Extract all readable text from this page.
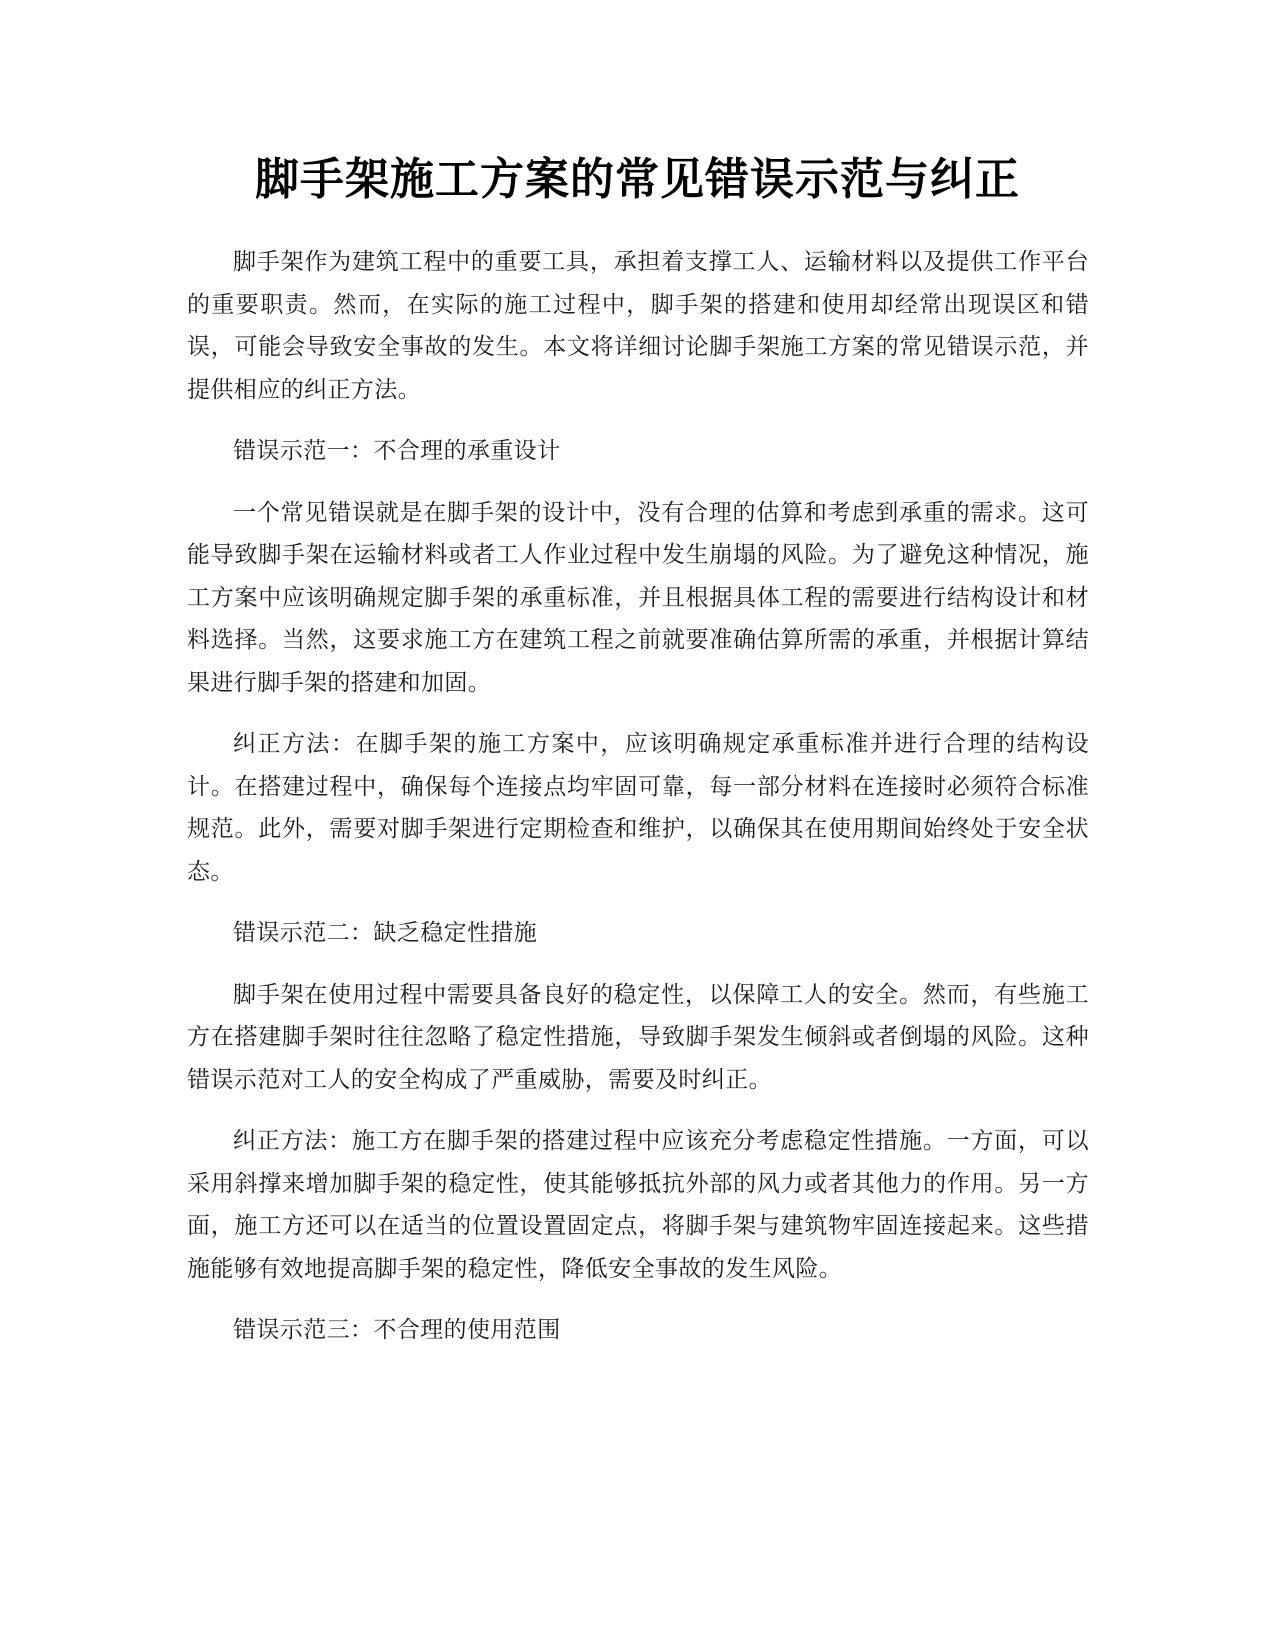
脚手架施工方案的常见错误示范与纠正

脚手架作为建筑工程中的重要工具，承担着支撑工人、运输材料以及提供工作平台的重要职责。然而，在实际的施工过程中，脚手架的搭建和使用却经常出现误区和错误，可能会导致安全事故的发生。本文将详细讨论脚手架施工方案的常见错误示范，并提供相应的纠正方法。

错误示范一：不合理的承重设计

一个常见错误就是在脚手架的设计中，没有合理的估算和考虑到承重的需求。这可能导致脚手架在运输材料或者工人作业过程中发生崩塌的风险。为了避免这种情况，施工方案中应该明确规定脚手架的承重标准，并且根据具体工程的需要进行结构设计和材料选择。当然，这要求施工方在建筑工程之前就要准确估算所需的承重，并根据计算结果进行脚手架的搭建和加固。

纠正方法：在脚手架的施工方案中，应该明确规定承重标准并进行合理的结构设计。在搭建过程中，确保每个连接点均牢固可靠，每一部分材料在连接时必须符合标准规范。此外，需要对脚手架进行定期检查和维护，以确保其在使用期间始终处于安全状态。

错误示范二：缺乏稳定性措施

脚手架在使用过程中需要具备良好的稳定性，以保障工人的安全。然而，有些施工方在搭建脚手架时往往忽略了稳定性措施，导致脚手架发生倾斜或者倒塌的风险。这种错误示范对工人的安全构成了严重威胁，需要及时纠正。

纠正方法：施工方在脚手架的搭建过程中应该充分考虑稳定性措施。一方面，可以采用斜撑来增加脚手架的稳定性，使其能够抵抗外部的风力或者其他力的作用。另一方面，施工方还可以在适当的位置设置固定点，将脚手架与建筑物牢固连接起来。这些措施能够有效地提高脚手架的稳定性，降低安全事故的发生风险。

错误示范三：不合理的使用范围
